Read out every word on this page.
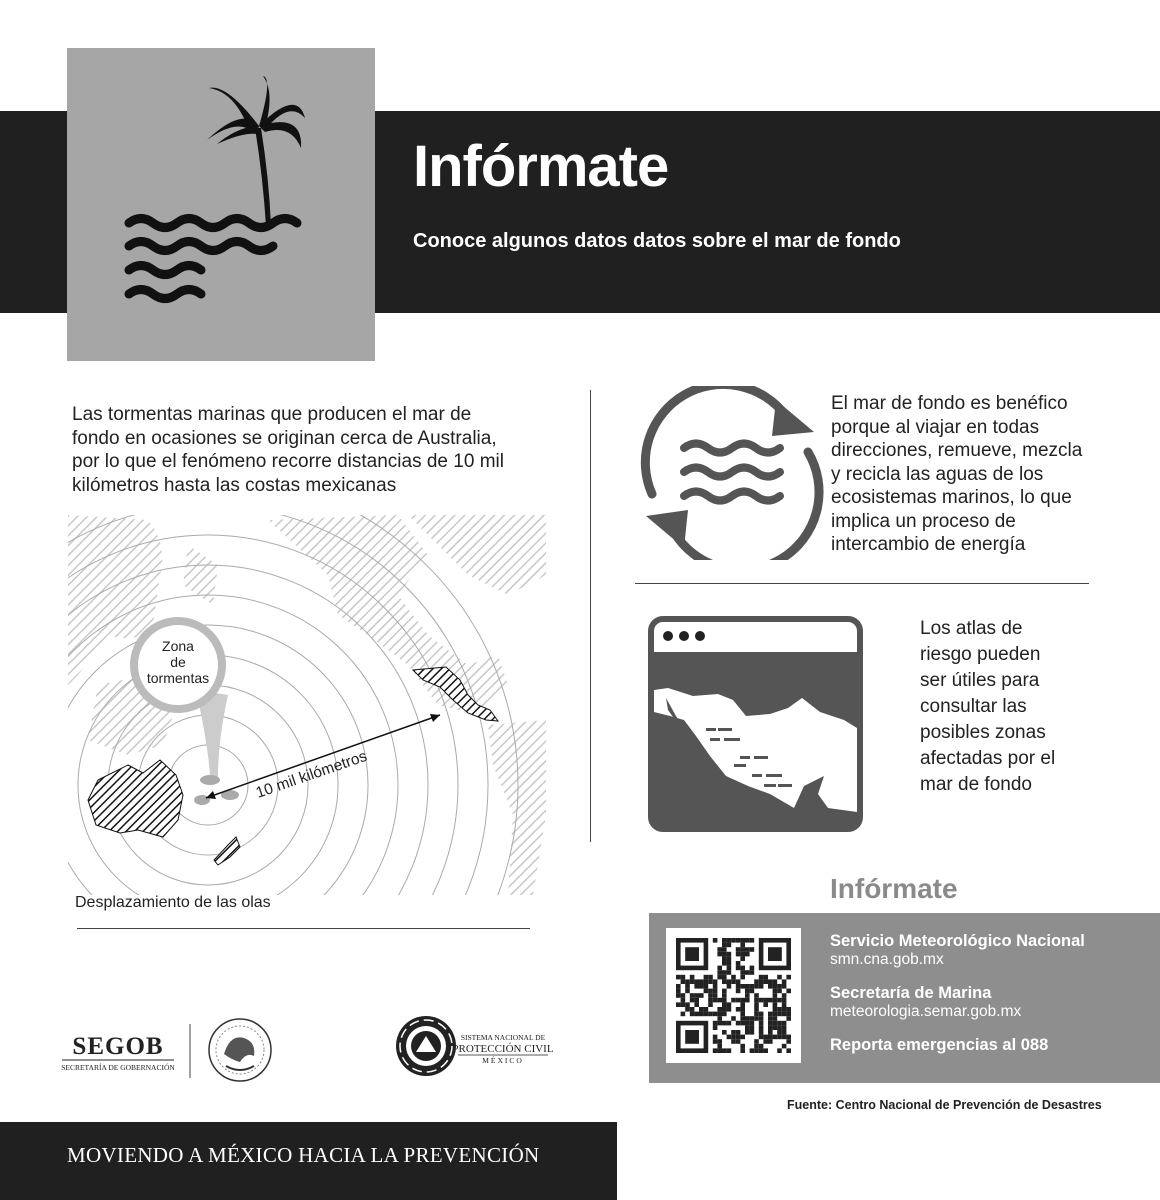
Infórmate
Conoce algunos datos datos sobre el mar de fondo
Las tormentas marinas que producen el mar de
fondo en ocasiones se originan cerca de Australia,
por lo que el fenómeno recorre distancias de 10 mil
kilómetros hasta las costas mexicanas
Zona
de
tormentas
10 mil kilómetros
Desplazamiento de las olas
El mar de fondo es benéfico
porque al viajar en todas
direcciones, remueve, mezcla
y recicla las aguas de los
ecosistemas marinos, lo que
implica un proceso de
intercambio de energía
Los atlas de
riesgo pueden
ser útiles para
consultar las
posibles zonas
afectadas por el
mar de fondo
Infórmate
Servicio Meteorológico Nacional
smn.cna.gob.mx
Secretaría de Marina
meteorologia.semar.gob.mx
Reporta emergencias al 088
Fuente: Centro Nacional de Prevención de Desastres
SEGOB
SECRETARÍA DE GOBERNACIÓN
SISTEMA NACIONAL DE
PROTECCIÓN CIVIL
MÉXICO
MOVIENDO A MÉXICO HACIA LA PREVENCIÓN
